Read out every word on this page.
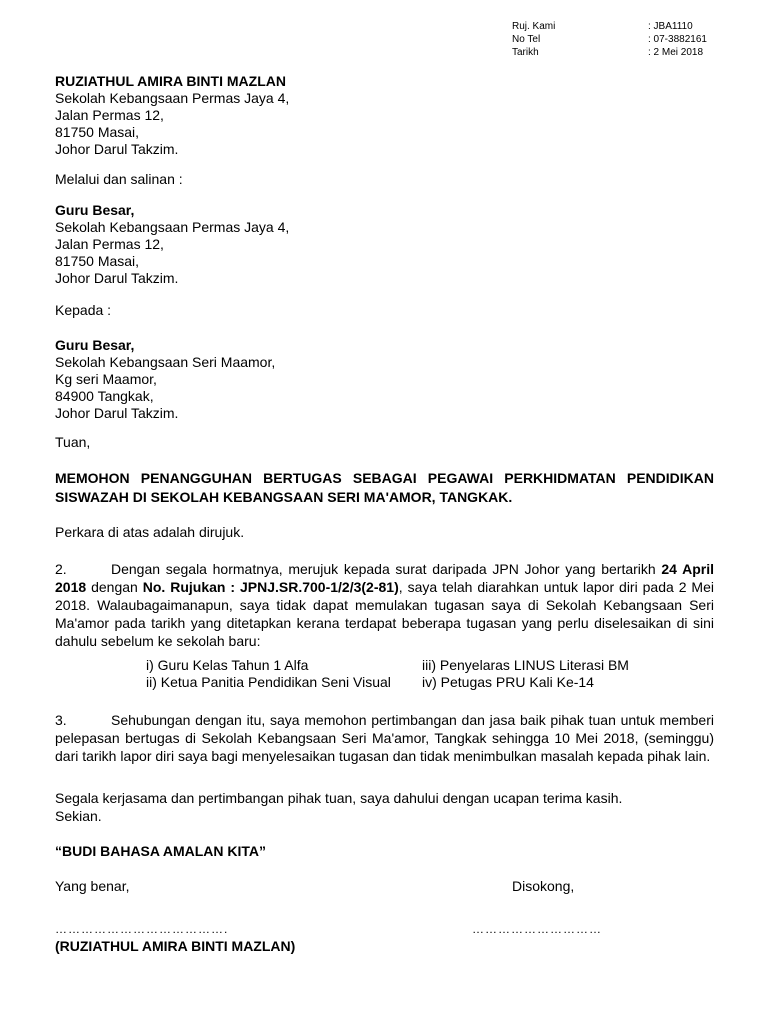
Ruj. Kami	: JBA1110
No Tel	: 07-3882161
Tarikh	: 2 Mei 2018
RUZIATHUL AMIRA BINTI MAZLAN
Sekolah Kebangsaan Permas Jaya 4,
Jalan Permas 12,
81750 Masai,
Johor Darul Takzim.
Melalui dan salinan :
Guru Besar,
Sekolah Kebangsaan Permas Jaya 4,
Jalan Permas 12,
81750 Masai,
Johor Darul Takzim.
Kepada :
Guru Besar,
Sekolah Kebangsaan Seri Maamor,
Kg seri Maamor,
84900 Tangkak,
Johor Darul Takzim.
Tuan,
MEMOHON PENANGGUHAN BERTUGAS SEBAGAI PEGAWAI PERKHIDMATAN PENDIDIKAN
SISWAZAH DI SEKOLAH KEBANGSAAN SERI MA'AMOR, TANGKAK.
Perkara di atas adalah dirujuk.
2.	Dengan segala hormatnya, merujuk kepada surat daripada JPN Johor yang bertarikh 24 April 2018 dengan No. Rujukan : JPNJ.SR.700-1/2/3(2-81), saya telah diarahkan untuk lapor diri pada 2 Mei 2018. Walaubagaimanapun, saya tidak dapat memulakan tugasan saya di Sekolah Kebangsaan Seri Ma'amor pada tarikh yang ditetapkan kerana terdapat beberapa tugasan yang perlu diselesaikan di sini dahulu sebelum ke sekolah baru:
i) Guru Kelas Tahun 1 Alfa
ii) Ketua Panitia Pendidikan Seni Visual
iii) Penyelaras LINUS Literasi BM
iv) Petugas PRU Kali Ke-14
3.	Sehubungan dengan itu, saya memohon pertimbangan dan jasa baik pihak tuan untuk memberi pelepasan bertugas di Sekolah Kebangsaan Seri Ma'amor, Tangkak sehingga 10 Mei 2018, (seminggu) dari tarikh lapor diri saya bagi menyelesaikan tugasan dan tidak menimbulkan masalah kepada pihak lain.
Segala kerjasama dan pertimbangan pihak tuan, saya dahului dengan ucapan terima kasih.
Sekian.
“BUDI BAHASA AMALAN KITA”
Yang benar,	Disokong,
………………………………….	…………………………
(RUZIATHUL AMIRA BINTI MAZLAN)
